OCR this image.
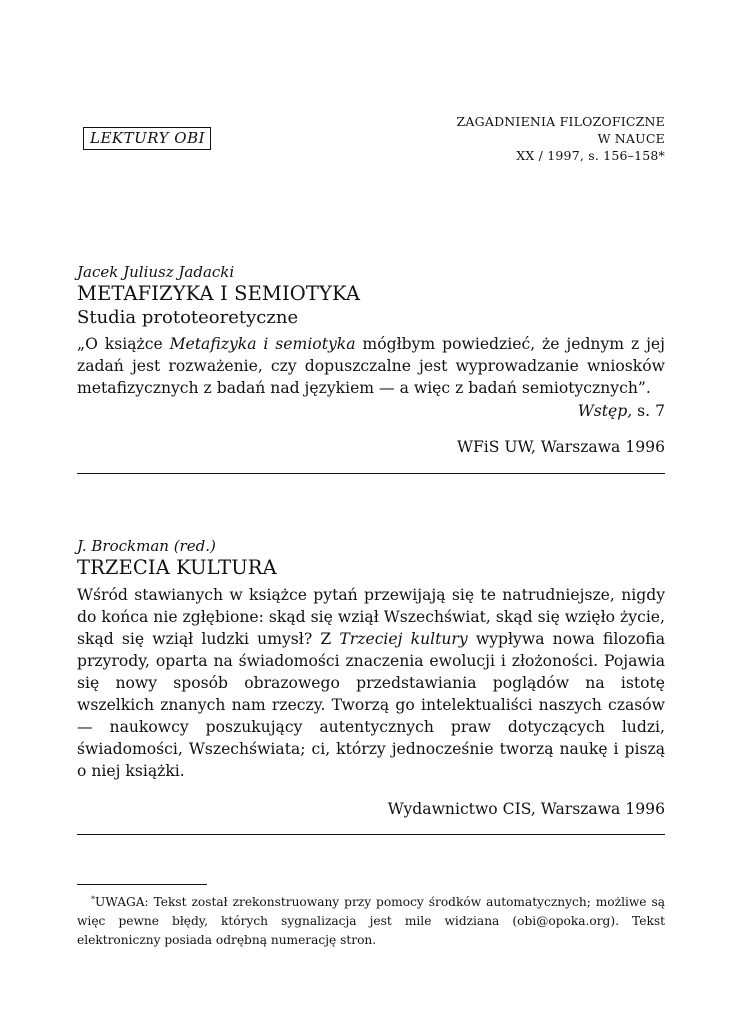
LEKTURY OBI
ZAGADNIENIA FILOZOFICZNE
W NAUCE
XX / 1997, s. 156–158*

Jacek Juliusz Jadacki

METAFIZYKA I SEMIOTYKA

Studia prototeoretyczne

„O książce Metafizyka i semiotyka mógłbym powiedzieć, że jednym z jej zadań jest rozważenie, czy dopuszczalne jest wyprowadzanie wniosków metafizycznych z badań nad językiem — a więc z badań semiotycznych”.

Wstęp, s. 7

WFiS UW, Warszawa 1996

J. Brockman (red.)

TRZECIA KULTURA

Wśród stawianych w książce pytań przewijają się te natrudniejsze, nigdy do końca nie zgłębione: skąd się wziął Wszechświat, skąd się wzięło życie, skąd się wziął ludzki umysł? Z Trzeciej kultury wypływa nowa filozofia przyrody, oparta na świadomości znaczenia ewolucji i złożoności. Pojawia się nowy sposób obrazowego przedstawiania poglądów na istotę wszelkich znanych nam rzeczy. Tworzą go intelektualiści naszych czasów — naukowcy poszukujący autentycznych praw dotyczących ludzi, świadomości, Wszechświata; ci, którzy jednocześnie tworzą naukę i piszą o niej książki.

Wydawnictwo CIS, Warszawa 1996

*UWAGA: Tekst został zrekonstruowany przy pomocy środków automatycznych; możliwe są więc pewne błędy, których sygnalizacja jest mile widziana (obi@opoka.org). Tekst elektroniczny posiada odrębną numerację stron.
